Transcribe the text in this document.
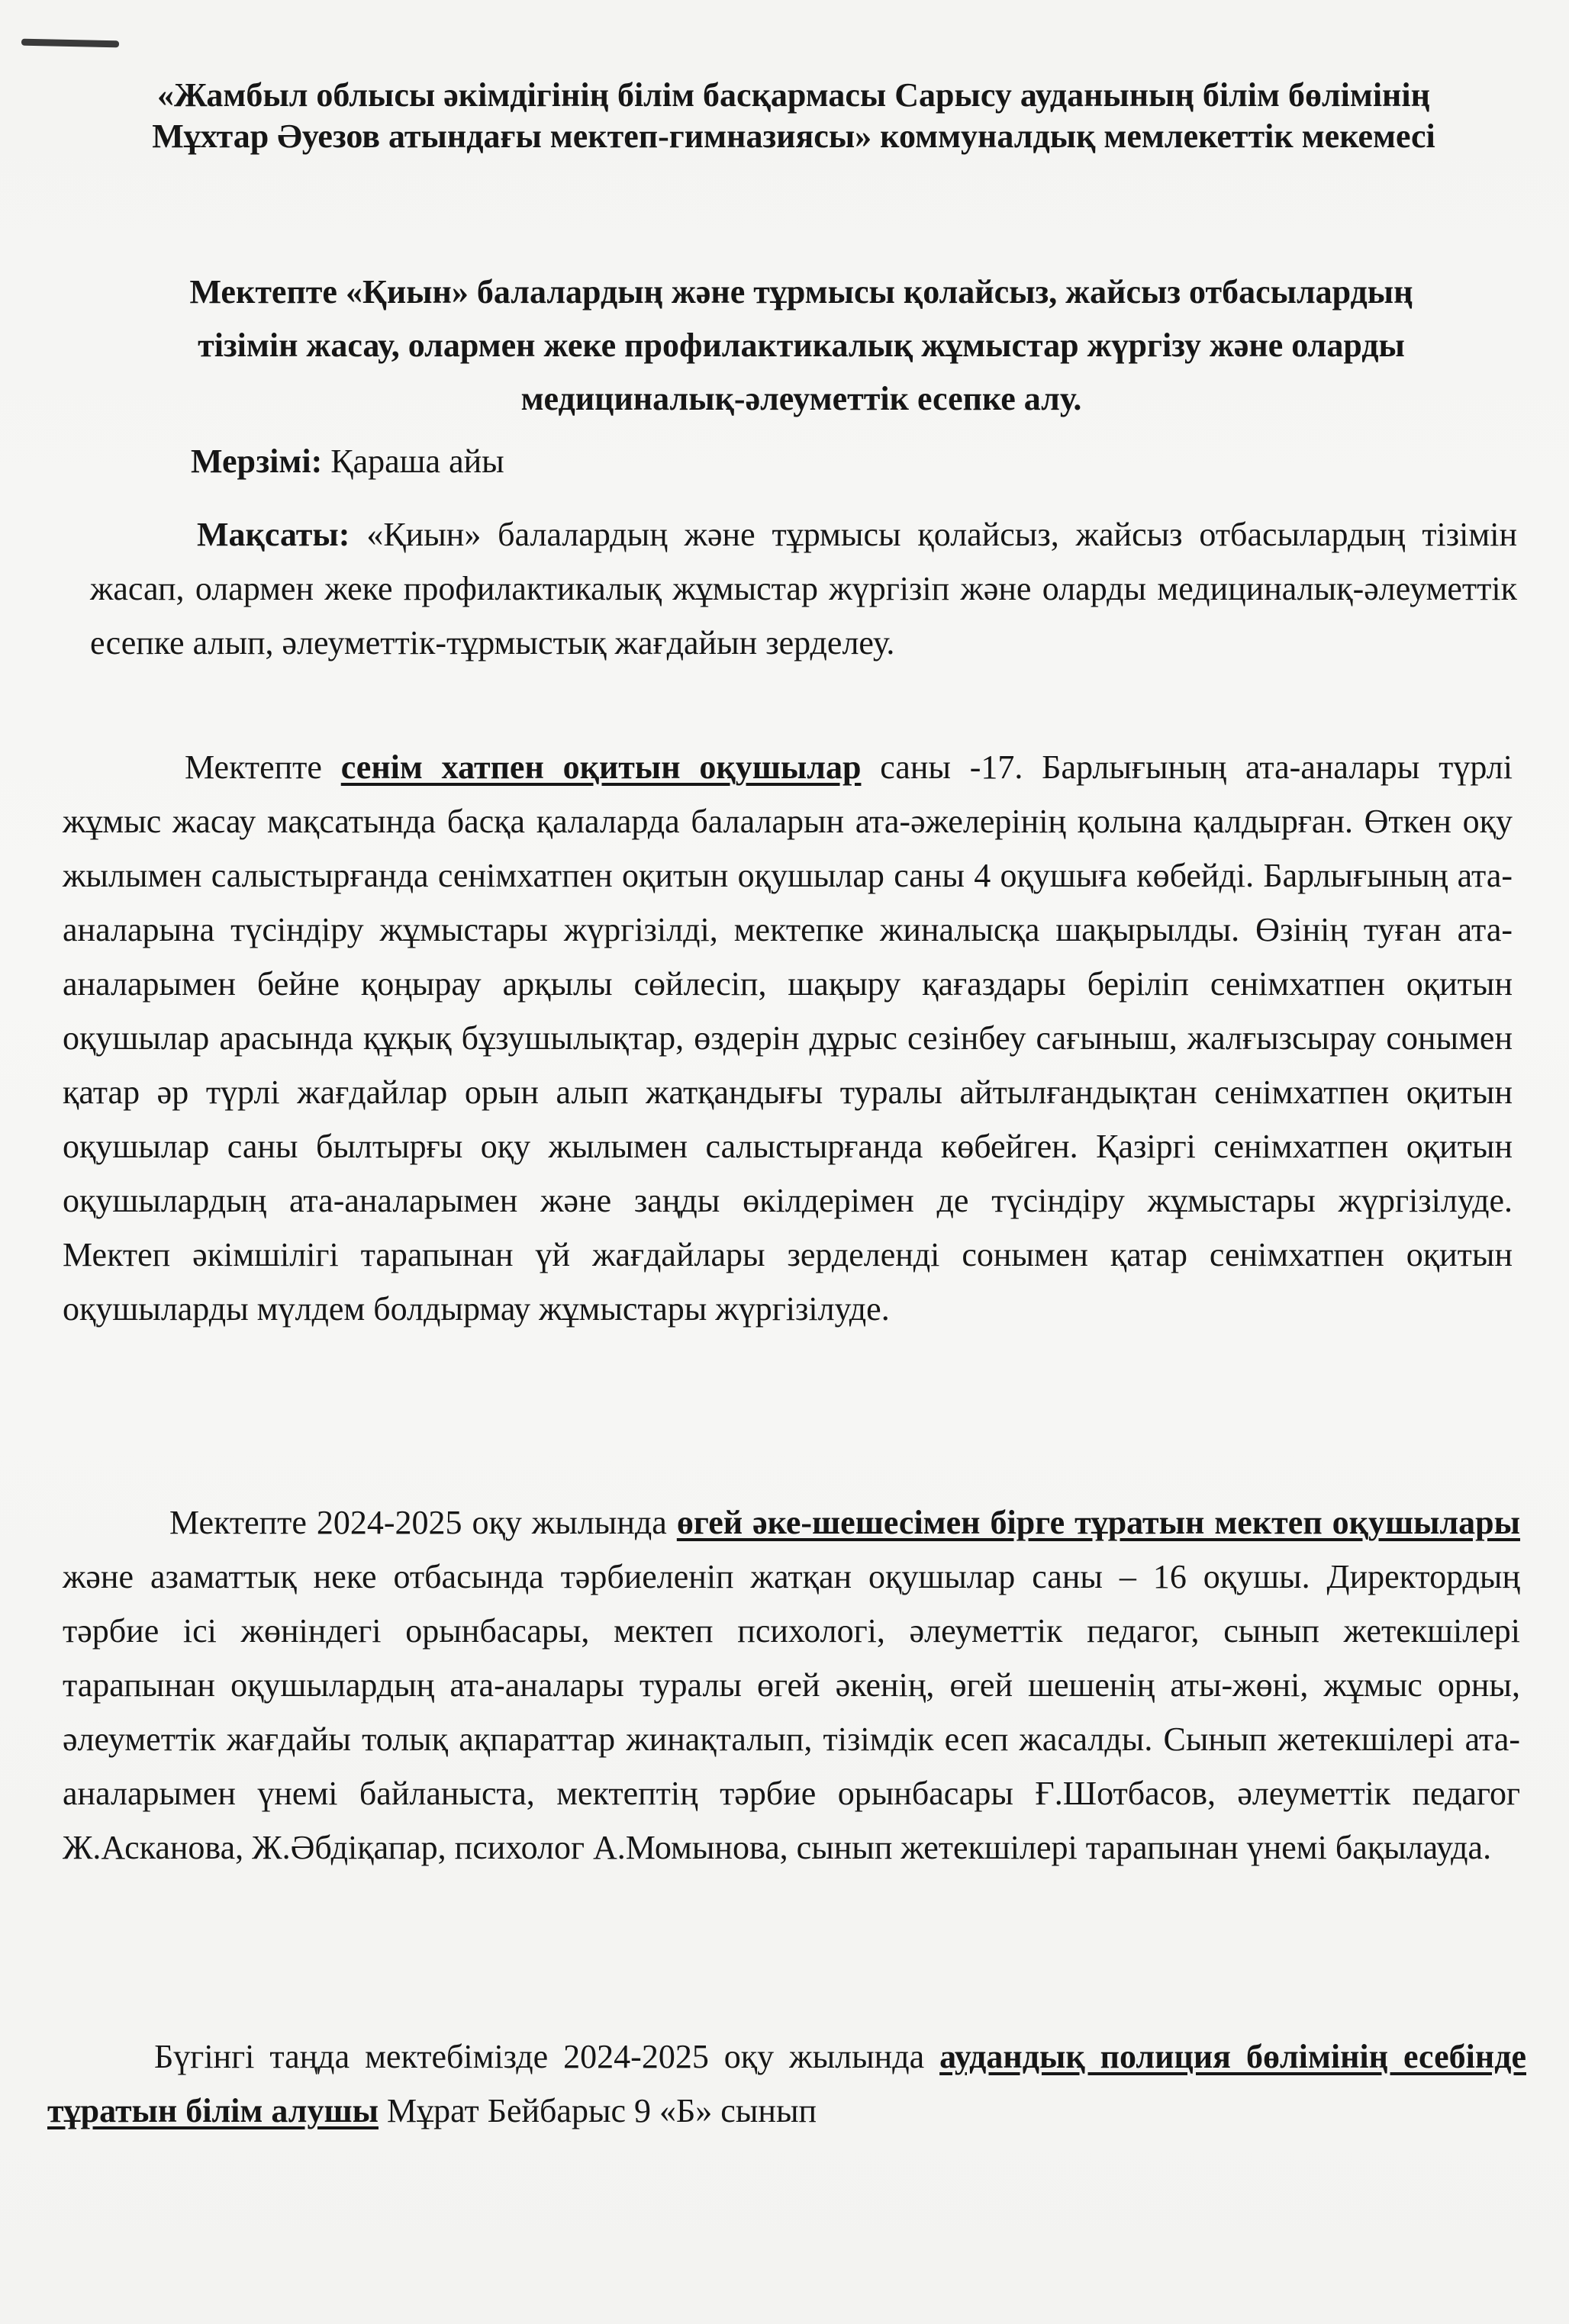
«Жамбыл облысы әкімдігінің білім басқармасы Сарысу ауданының білім бөлімінің Мұхтар Әуезов атындағы мектеп-гимназиясы» коммуналдық мемлекеттік мекемесі
Мектепте «Қиын» балалардың және тұрмысы қолайсыз, жайсыз отбасылардың тізімін жасау, олармен жеке профилактикалық жұмыстар жүргізу және оларды медициналық-әлеуметтік есепке алу.
Мерзімі: Қараша айы
Мақсаты: «Қиын» балалардың және тұрмысы қолайсыз, жайсыз отбасылардың тізімін жасап, олармен жеке профилактикалық жұмыстар жүргізіп және оларды медициналық-әлеуметтік есепке алып, әлеуметтік-тұрмыстық жағдайын зерделеу.
Мектепте сенім хатпен оқитын оқушылар саны -17. Барлығының ата-аналары түрлі жұмыс жасау мақсатында басқа қалаларда балаларын ата-әжелерінің қолына қалдырған. Өткен оқу жылымен салыстырғанда сенімхатпен оқитын оқушылар саны 4 оқушыға көбейді. Барлығының ата-аналарына түсіндіру жұмыстары жүргізілді, мектепке жиналысқа шақырылды. Өзінің туған ата-аналарымен бейне қоңырау арқылы сөйлесіп, шақыру қағаздары беріліп сенімхатпен оқитын оқушылар арасында құқық бұзушылықтар, өздерін дұрыс сезінбеу сағыныш, жалғызсырау сонымен қатар әр түрлі жағдайлар орын алып жатқандығы туралы айтылғандықтан сенімхатпен оқитын оқушылар саны былтырғы оқу жылымен салыстырғанда көбейген. Қазіргі сенімхатпен оқитын оқушылардың ата-аналарымен және заңды өкілдерімен де түсіндіру жұмыстары жүргізілуде. Мектеп әкімшілігі тарапынан үй жағдайлары зерделенді сонымен қатар сенімхатпен оқитын оқушыларды мүлдем болдырмау жұмыстары жүргізілуде.
Мектепте 2024-2025 оқу жылында өгей әке-шешесімен бірге тұратын мектеп оқушылары және азаматтық неке отбасында тәрбиеленіп жатқан оқушылар саны – 16 оқушы. Директордың тәрбие ісі жөніндегі орынбасары, мектеп психологі, әлеуметтік педагог, сынып жетекшілері тарапынан оқушылардың ата-аналары туралы өгей әкенің, өгей шешенің аты-жөні, жұмыс орны, әлеуметтік жағдайы толық ақпараттар жинақталып, тізімдік есеп жасалды. Сынып жетекшілері ата-аналарымен үнемі байланыста, мектептің тәрбие орынбасары Ғ.Шотбасов, әлеуметтік педагог Ж.Асканова, Ж.Әбдіқапар, психолог А.Момынова, сынып жетекшілері тарапынан үнемі бақылауда.
Бүгінгі таңда мектебімізде 2024-2025 оқу жылында аудандық полиция бөлімінің есебінде тұратын білім алушы Мұрат Бейбарыс 9 «Б» сынып
